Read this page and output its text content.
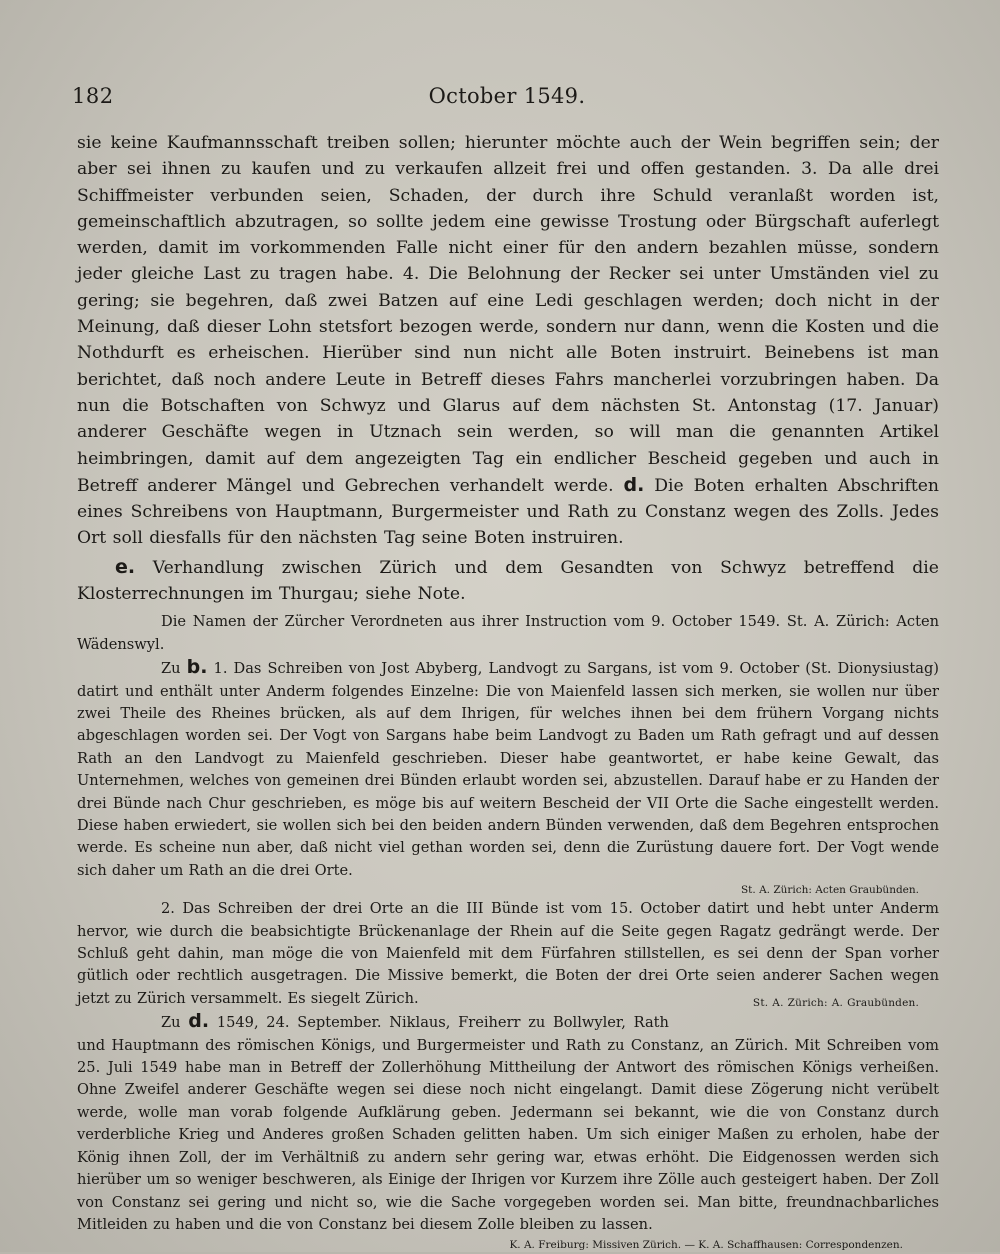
182	October 1549.

sie keine Kaufmannsschaft treiben sollen; hierunter möchte auch der Wein begriffen sein; der aber sei ihnen zu kaufen und zu verkaufen allzeit frei und offen gestanden. 3. Da alle drei Schiffmeister verbunden seien, Schaden, der durch ihre Schuld veranlaßt worden ist, gemeinschaftlich abzutragen, so sollte jedem eine gewisse Trostung oder Bürgschaft auferlegt werden, damit im vorkommenden Falle nicht einer für den andern bezahlen müsse, sondern jeder gleiche Last zu tragen habe. 4. Die Belohnung der Recker sei unter Umständen viel zu gering; sie begehren, daß zwei Batzen auf eine Ledi geschlagen werden; doch nicht in der Meinung, daß dieser Lohn stetsfort bezogen werde, sondern nur dann, wenn die Kosten und die Nothdurft es erheischen. Hierüber sind nun nicht alle Boten instruirt. Beinebens ist man berichtet, daß noch andere Leute in Betreff dieses Fahrs mancherlei vorzubringen haben. Da nun die Botschaften von Schwyz und Glarus auf dem nächsten St. Antonstag (17. Januar) anderer Geschäfte wegen in Utznach sein werden, so will man die genannten Artikel heimbringen, damit auf dem angezeigten Tag ein endlicher Bescheid gegeben und auch in Betreff anderer Mängel und Gebrechen verhandelt werde. d. Die Boten erhalten Abschriften eines Schreibens von Hauptmann, Burgermeister und Rath zu Constanz wegen des Zolls. Jedes Ort soll diesfalls für den nächsten Tag seine Boten instruiren.

e. Verhandlung zwischen Zürich und dem Gesandten von Schwyz betreffend die Klosterrechnungen im Thurgau; siehe Note.

Die Namen der Zürcher Verordneten aus ihrer Instruction vom 9. October 1549. St. A. Zürich: Acten Wädenswyl.

Zu b. 1. Das Schreiben von Jost Abyberg, Landvogt zu Sargans, ist vom 9. October (St. Dionysiustag) datirt und enthält unter Anderm folgendes Einzelne: Die von Maienfeld lassen sich merken, sie wollen nur über zwei Theile des Rheines brücken, als auf dem Ihrigen, für welches ihnen bei dem frühern Vorgang nichts abgeschlagen worden sei. Der Vogt von Sargans habe beim Landvogt zu Baden um Rath gefragt und auf dessen Rath an den Landvogt zu Maienfeld geschrieben. Dieser habe geantwortet, er habe keine Gewalt, das Unternehmen, welches von gemeinen drei Bünden erlaubt worden sei, abzustellen. Darauf habe er zu Handen der drei Bünde nach Chur geschrieben, es möge bis auf weitern Bescheid der VII Orte die Sache eingestellt werden. Diese haben erwiedert, sie wollen sich bei den beiden andern Bünden verwenden, daß dem Begehren entsprochen werde. Es scheine nun aber, daß nicht viel gethan worden sei, denn die Zurüstung dauere fort. Der Vogt wende sich daher um Rath an die drei Orte.

St. A. Zürich: Acten Graubünden.

2. Das Schreiben der drei Orte an die III Bünde ist vom 15. October datirt und hebt unter Anderm hervor, wie durch die beabsichtigte Brückenanlage der Rhein auf die Seite gegen Ragatz gedrängt werde. Der Schluß geht dahin, man möge die von Maienfeld mit dem Fürfahren stillstellen, es sei denn der Span vorher gütlich oder rechtlich ausgetragen. Die Missive bemerkt, die Boten der drei Orte seien anderer Sachen wegen jetzt zu Zürich versammelt. Es siegelt Zürich.	St. A. Zürich: A. Graubünden.

Zu d. 1549, 24. September. Niklaus, Freiherr zu Bollwyler, Rath und Hauptmann des römischen Königs, und Burgermeister und Rath zu Constanz, an Zürich. Mit Schreiben vom 25. Juli 1549 habe man in Betreff der Zollerhöhung Mittheilung der Antwort des römischen Königs verheißen. Ohne Zweifel anderer Geschäfte wegen sei diese noch nicht eingelangt. Damit diese Zögerung nicht verübelt werde, wolle man vorab folgende Aufklärung geben. Jedermann sei bekannt, wie die von Constanz durch verderbliche Krieg und Anderes großen Schaden gelitten haben. Um sich einiger Maßen zu erholen, habe der König ihnen Zoll, der im Verhältniß zu andern sehr gering war, etwas erhöht. Die Eidgenossen werden sich hierüber um so weniger beschweren, als Einige der Ihrigen vor Kurzem ihre Zölle auch gesteigert haben. Der Zoll von Constanz sei gering und nicht so, wie die Sache vorgegeben worden sei. Man bitte, freundnachbarliches Mitleiden zu haben und die von Constanz bei diesem Zolle bleiben zu lassen.

K. A. Freiburg: Missiven Zürich. — K. A. Schaffhausen: Correspondenzen.
